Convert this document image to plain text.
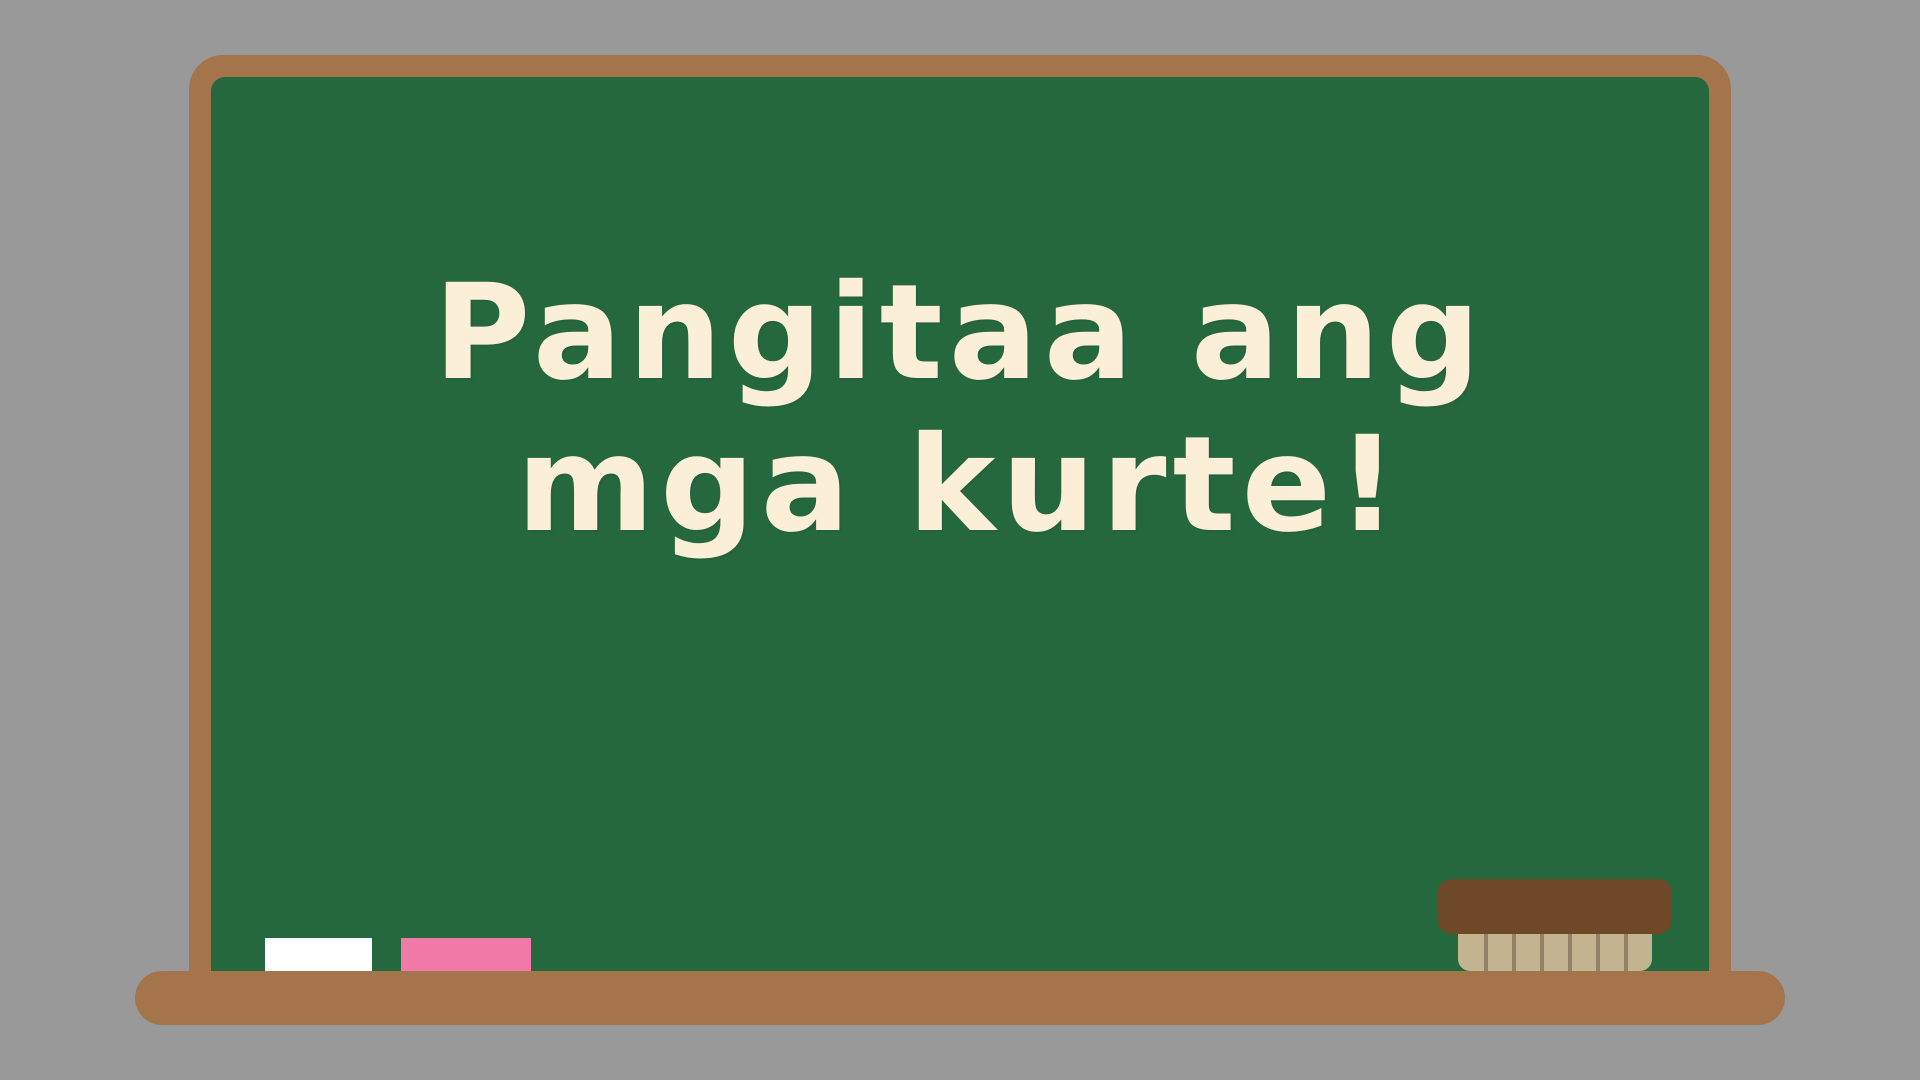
Pangitaa ang
mga kurte!
